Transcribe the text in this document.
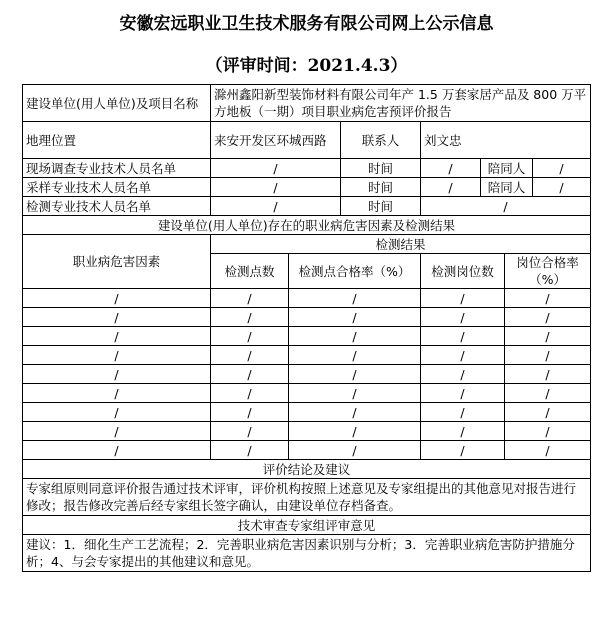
安徽宏远职业卫生技术服务有限公司网上公示信息
（评审时间：2021.4.3）
建设单位(用人单位)及项目名称	滁州鑫阳新型装饰材料有限公司年产 1.5 万套家居产品及 800 万平方地板（一期）项目职业病危害预评价报告						
地理位置	来安开发区环城西路		联系人	刘文忠			
现场调查专业技术人员名单	/		时间	/	陪同人		/
采样专业技术人员名单	/		时间	/	陪同人		/
检测专业技术人员名单	/		时间	/			
建设单位(用人单位)存在的职业病危害因素及检测结果							
职业病危害因素	检测结果						
	检测点数	检测点合格率（%）		检测岗位数		岗位合格率（%）	
/	/	/		/		/	
/	/	/		/		/	
/	/	/		/		/	
/	/	/		/		/	
/	/	/		/		/	
/	/	/		/		/	
/	/	/		/		/	
/	/	/		/		/	
/	/	/		/		/	
评价结论及建议							
专家组原则同意评价报告通过技术评审，评价机构按照上述意见及专家组提出的其他意见对报告进行修改；报告修改完善后经专家组长签字确认，由建设单位存档备查。							
技术审查专家组评审意见							
建议：1．细化生产工艺流程；2．完善职业病危害因素识别与分析；3．完善职业病危害防护措施分析；4、与会专家提出的其他建议和意见。							
